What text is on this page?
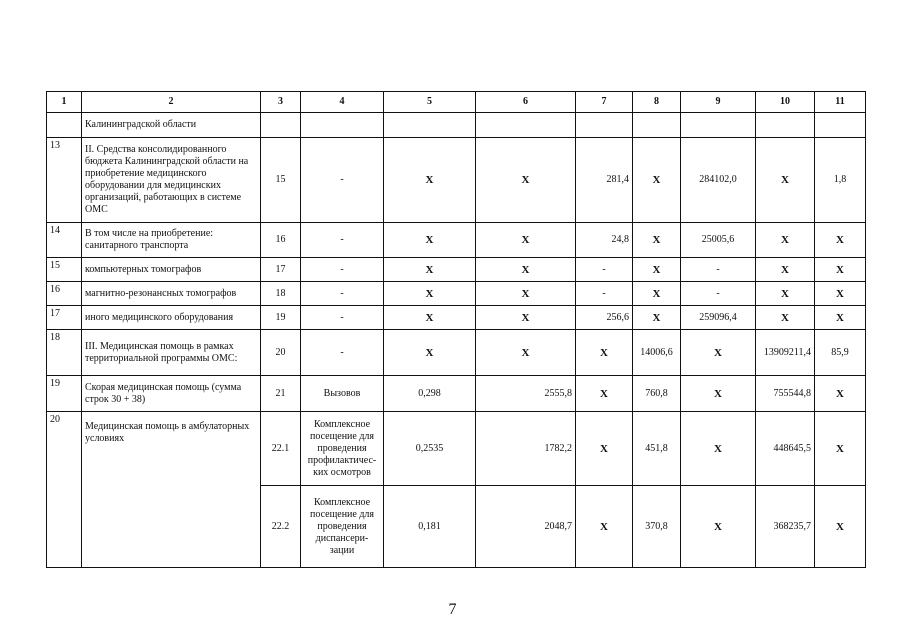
1	2	3	4	5	6	7	8	9	10	11
	Калининградской области									
13	II. Средства консолидированного бюджета Калининградской области на приобретение медицинского оборудовании для медицинских организаций, работающих в системе ОМС	15	-	X	X	281,4	X	284102,0	X	1,8
14	В том числе на приобретение: санитарного транспорта	16	-	X	X	24,8	X	25005,6	X	X
15	компьютерных томографов	17	-	X	X	-	X	-	X	X
16	магнитно-резонансных томографов	18	-	X	X	-	X	-	X	X
17	иного медицинского оборудования	19	-	X	X	256,6	X	259096,4	X	X
18	III. Медицинская помощь в рамках территориальной программы ОМС:	20	-	X	X	X	14006,6	X	13909211,4	85,9
19	Скорая медицинская помощь (сумма строк 30 + 38)	21	Вызовов	0,298	2555,8	X	760,8	X	755544,8	X
20	Медицинская помощь в амбулаторных условиях	22.1	Комплексное посещение для проведения профилактичес-ких осмотров	0,2535	1782,2	X	451,8	X	448645,5	X
		22.2	Комплексное посещение для проведения диспансери-зации	0,181	2048,7	X	370,8	X	368235,7	X
7
